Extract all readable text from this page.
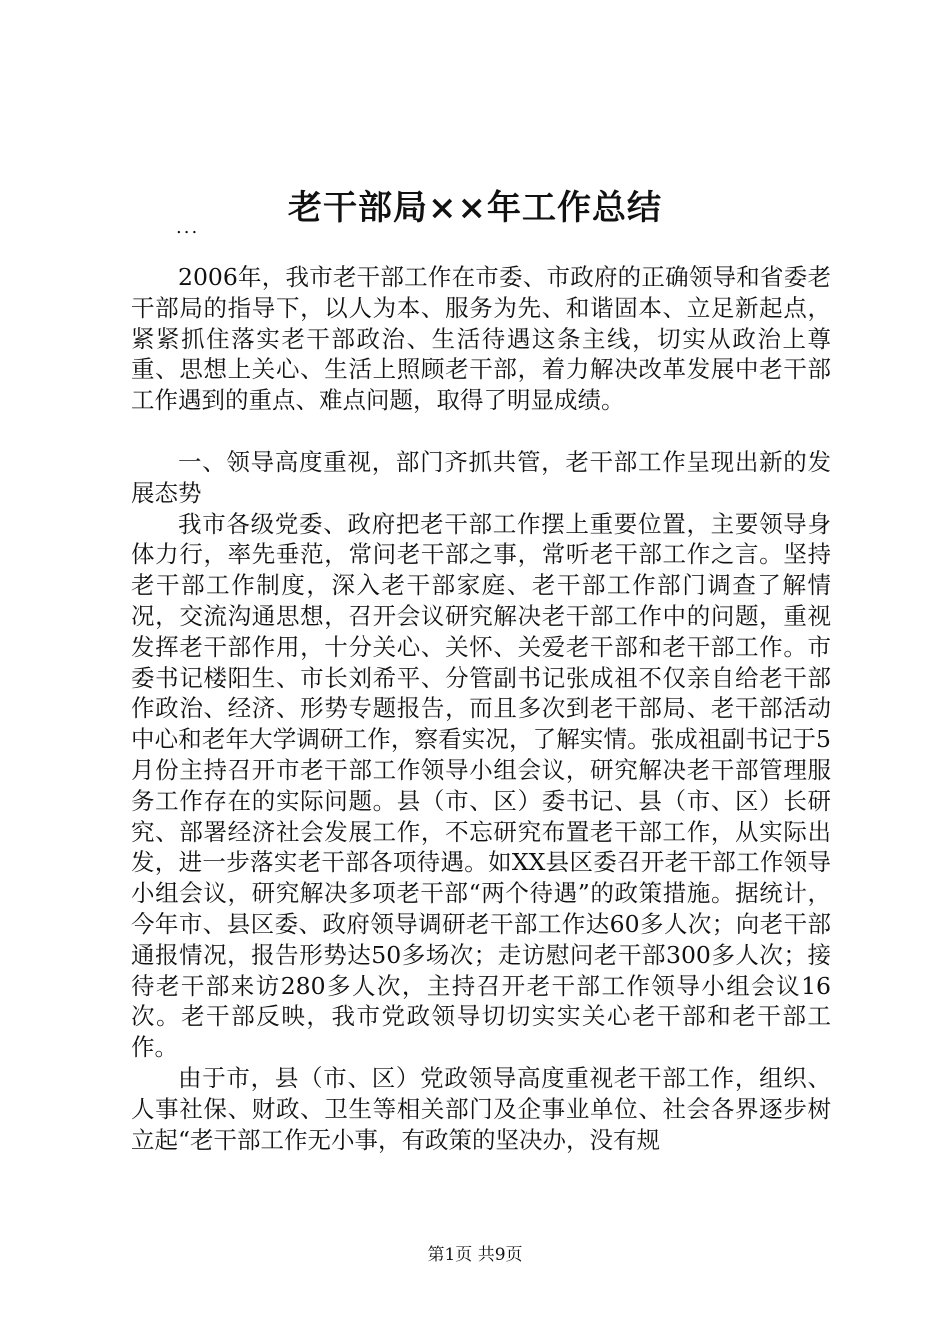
老干部局××年工作总结
...

2006年，我市老干部工作在市委、市政府的正确领导和省委老干部局的指导下，以人为本、服务为先、和谐固本、立足新起点，紧紧抓住落实老干部政治、生活待遇这条主线，切实从政治上尊重、思想上关心、生活上照顾老干部，着力解决改革发展中老干部工作遇到的重点、难点问题，取得了明显成绩。

一、领导高度重视，部门齐抓共管，老干部工作呈现出新的发展态势

我市各级党委、政府把老干部工作摆上重要位置，主要领导身体力行，率先垂范，常问老干部之事，常听老干部工作之言。坚持老干部工作制度，深入老干部家庭、老干部工作部门调查了解情况，交流沟通思想，召开会议研究解决老干部工作中的问题，重视发挥老干部作用，十分关心、关怀、关爱老干部和老干部工作。市委书记楼阳生、市长刘希平、分管副书记张成祖不仅亲自给老干部作政治、经济、形势专题报告，而且多次到老干部局、老干部活动中心和老年大学调研工作，察看实况，了解实情。张成祖副书记于5月份主持召开市老干部工作领导小组会议，研究解决老干部管理服务工作存在的实际问题。县（市、区）委书记、县（市、区）长研究、部署经济社会发展工作，不忘研究布置老干部工作，从实际出发，进一步落实老干部各项待遇。如XX县区委召开老干部工作领导小组会议，研究解决多项老干部“两个待遇”的政策措施。据统计，今年市、县区委、政府领导调研老干部工作达60多人次；向老干部通报情况，报告形势达50多场次；走访慰问老干部300多人次；接待老干部来访280多人次，主持召开老干部工作领导小组会议16次。老干部反映，我市党政领导切切实实关心老干部和老干部工作。

由于市，县（市、区）党政领导高度重视老干部工作，组织、人事社保、财政、卫生等相关部门及企事业单位、社会各界逐步树立起“老干部工作无小事，有政策的坚决办，没有规

第1页 共9页
